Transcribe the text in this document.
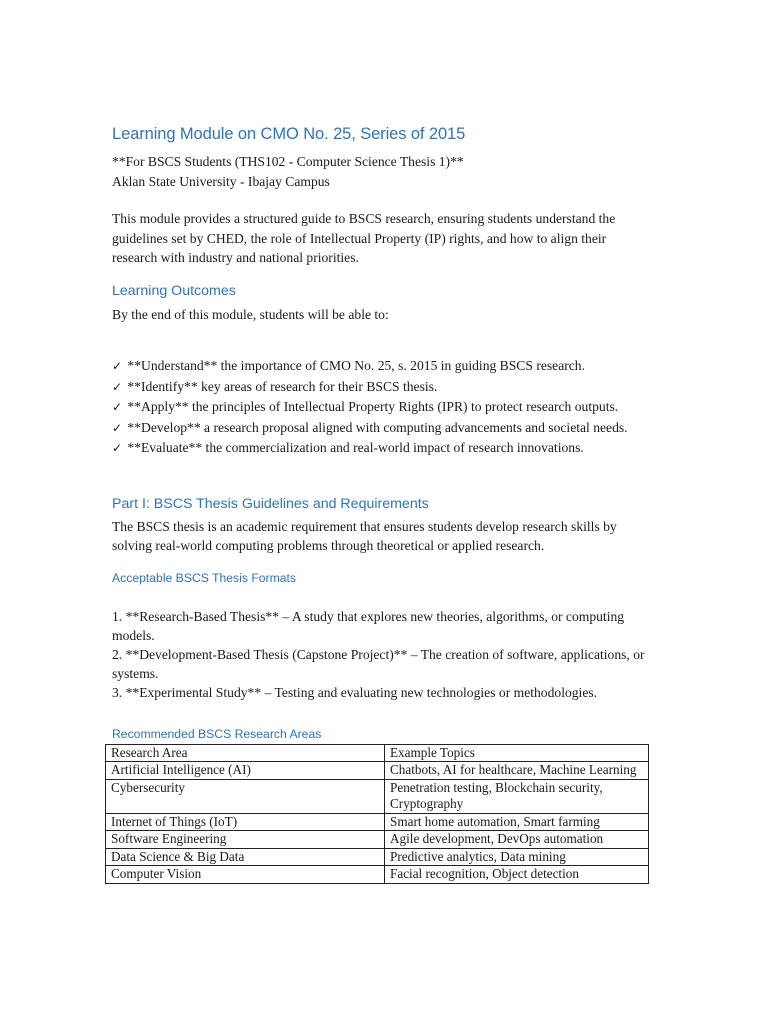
Learning Module on CMO No. 25, Series of 2015

**For BSCS Students (THS102 - Computer Science Thesis 1)**

Aklan State University - Ibajay Campus

This module provides a structured guide to BSCS research, ensuring students understand the guidelines set by CHED, the role of Intellectual Property (IP) rights, and how to align their research with industry and national priorities.

Learning Outcomes

By the end of this module, students will be able to:

✓ **Understand** the importance of CMO No. 25, s. 2015 in guiding BSCS research.
✓ **Identify** key areas of research for their BSCS thesis.
✓ **Apply** the principles of Intellectual Property Rights (IPR) to protect research outputs.
✓ **Develop** a research proposal aligned with computing advancements and societal needs.
✓ **Evaluate** the commercialization and real-world impact of research innovations.
Part I: BSCS Thesis Guidelines and Requirements

The BSCS thesis is an academic requirement that ensures students develop research skills by solving real-world computing problems through theoretical or applied research.

Acceptable BSCS Thesis Formats

1. **Research-Based Thesis** – A study that explores new theories, algorithms, or computing models.

2. **Development-Based Thesis (Capstone Project)** – The creation of software, applications, or systems.

3. **Experimental Study** – Testing and evaluating new technologies or methodologies.

Recommended BSCS Research Areas
Research Area	Example Topics
Artificial Intelligence (AI)	Chatbots, AI for healthcare, Machine Learning
Cybersecurity	Penetration testing, Blockchain security, Cryptography
Internet of Things (IoT)	Smart home automation, Smart farming
Software Engineering	Agile development, DevOps automation
Data Science & Big Data	Predictive analytics, Data mining
Computer Vision	Facial recognition, Object detection
